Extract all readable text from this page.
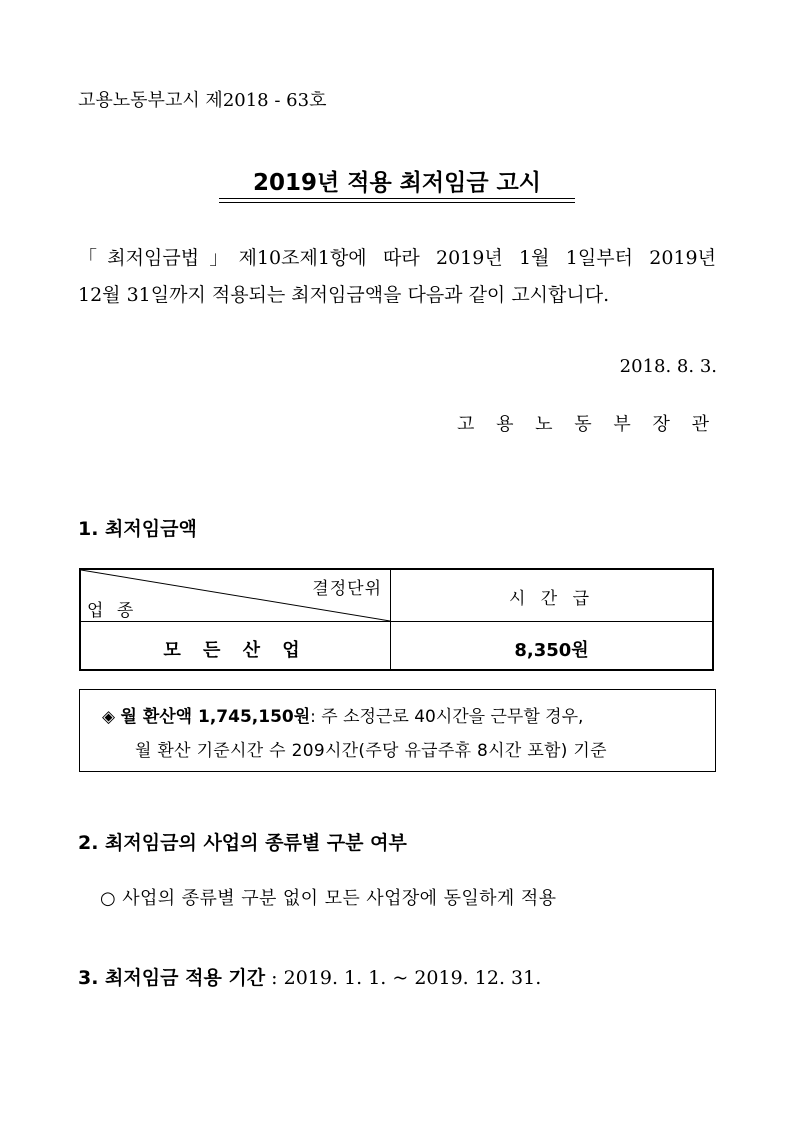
고용노동부고시 제2018 - 63호
2019년 적용 최저임금 고시
「최저임금법」제10조제1항에 따라 2019년 1월 1일부터 2019년
12월 31일까지 적용되는 최저임금액을 다음과 같이 고시합니다.
2018. 8. 3.
고 용 노 동 부 장 관
1. 최저임금액
결정단위
업 종
시 간 급
모 든 산 업	8,350원
◈ 월 환산액 1,745,150원: 주 소정근로 40시간을 근무할 경우,
월 환산 기준시간 수 209시간(주당 유급주휴 8시간 포함) 기준
2. 최저임금의 사업의 종류별 구분 여부
○ 사업의 종류별 구분 없이 모든 사업장에 동일하게 적용
3. 최저임금 적용 기간 : 2019. 1. 1. ~ 2019. 12. 31.
